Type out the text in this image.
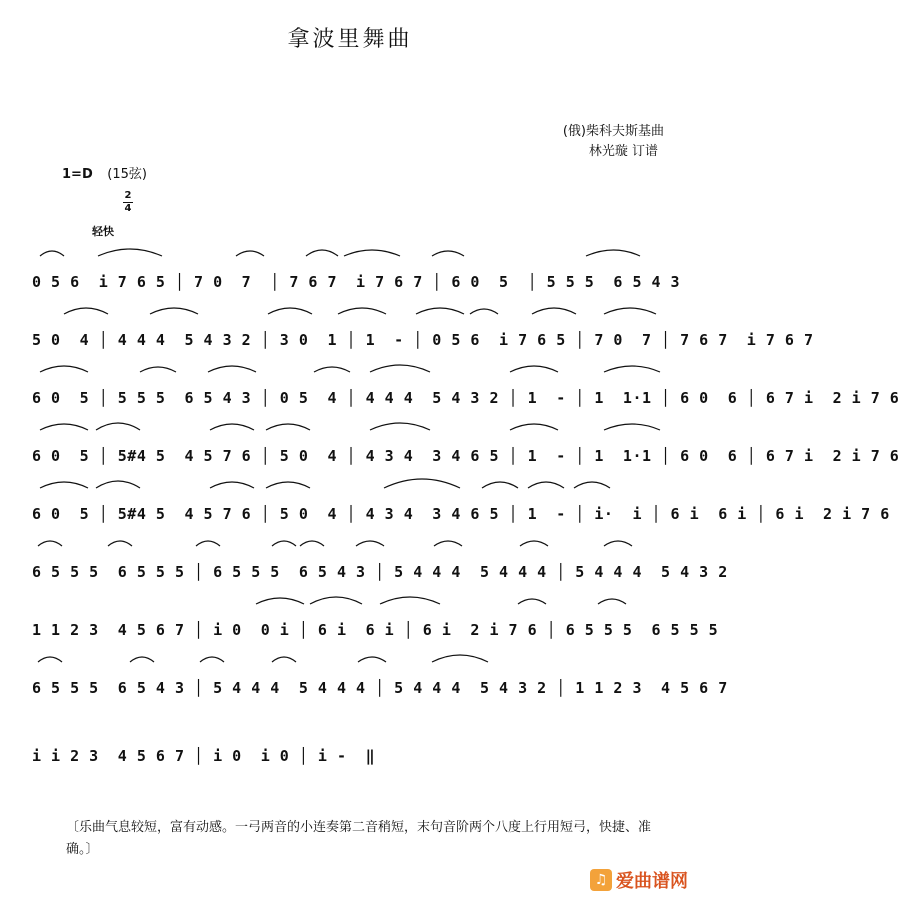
拿波里舞曲
(俄)柴科夫斯基曲
林光璇 订谱
1=D (15弦)
2
4
轻快
0 5 6  i 7 6 5 │ 7 0  7  │ 7 6 7  i 7 6 7 │ 6 0  5  │ 5 5 5  6 5 4 3
5 0  4 │ 4 4 4  5 4 3 2 │ 3 0  1 │ 1  - │ 0 5 6  i 7 6 5 │ 7 0  7 │ 7 6 7  i 7 6 7
6 0  5 │ 5 5 5  6 5 4 3 │ 0 5  4 │ 4 4 4  5 4 3 2 │ 1  - │ 1  1·1 │ 6 0  6 │ 6 7 i  2 i 7 6
6 0  5 │ 5#4 5  4 5 7 6 │ 5 0  4 │ 4 3 4  3 4 6 5 │ 1  - │ 1  1·1 │ 6 0  6 │ 6 7 i  2 i 7 6
6 0  5 │ 5#4 5  4 5 7 6 │ 5 0  4 │ 4 3 4  3 4 6 5 │ 1  - │ i·  i │ 6 i  6 i │ 6 i  2 i 7 6
6 5 5 5  6 5 5 5 │ 6 5 5 5  6 5 4 3 │ 5 4 4 4  5 4 4 4 │ 5 4 4 4  5 4 3 2
1 1 2 3  4 5 6 7 │ i 0  0 i │ 6 i  6 i │ 6 i  2 i 7 6 │ 6 5 5 5  6 5 5 5
6 5 5 5  6 5 4 3 │ 5 4 4 4  5 4 4 4 │ 5 4 4 4  5 4 3 2 │ 1 1 2 3  4 5 6 7
i i 2 3  4 5 6 7 │ i 0  i 0 │ i -  ‖
〔乐曲气息较短，富有动感。一弓两音的小连奏第二音稍短，末句音阶两个八度上行用短弓，快捷、准确。〕
♫ 爱曲谱网
